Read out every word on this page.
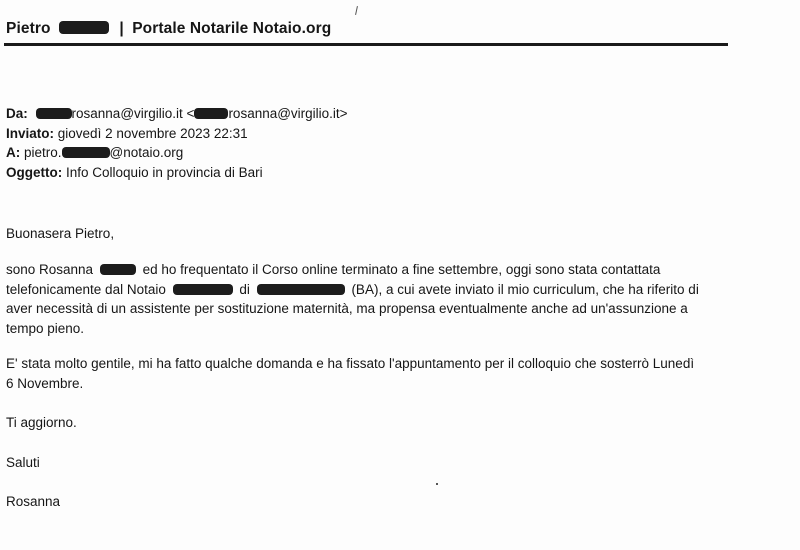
Pietro	| Portale Notarile Notaio.org
Da:	rosanna@virgilio.it <	rosanna@virgilio.it>
Inviato: giovedì 2 novembre 2023 22:31
A: pietro.	@notaio.org
Oggetto: Info Colloquio in provincia di Bari
Buonasera Pietro,
sono Rosanna	ed ho frequentato il Corso online terminato a fine settembre, oggi sono stata contattata
telefonicamente dal Notaio	di	(BA), a cui avete inviato il mio curriculum, che ha riferito di
aver necessità di un assistente per sostituzione maternità, ma propensa eventualmente anche ad un'assunzione a
tempo pieno.
E' stata molto gentile, mi ha fatto qualche domanda e ha fissato l'appuntamento per il colloquio che sosterrò Lunedì
6 Novembre.
Ti aggiorno.
Saluti
Rosanna
